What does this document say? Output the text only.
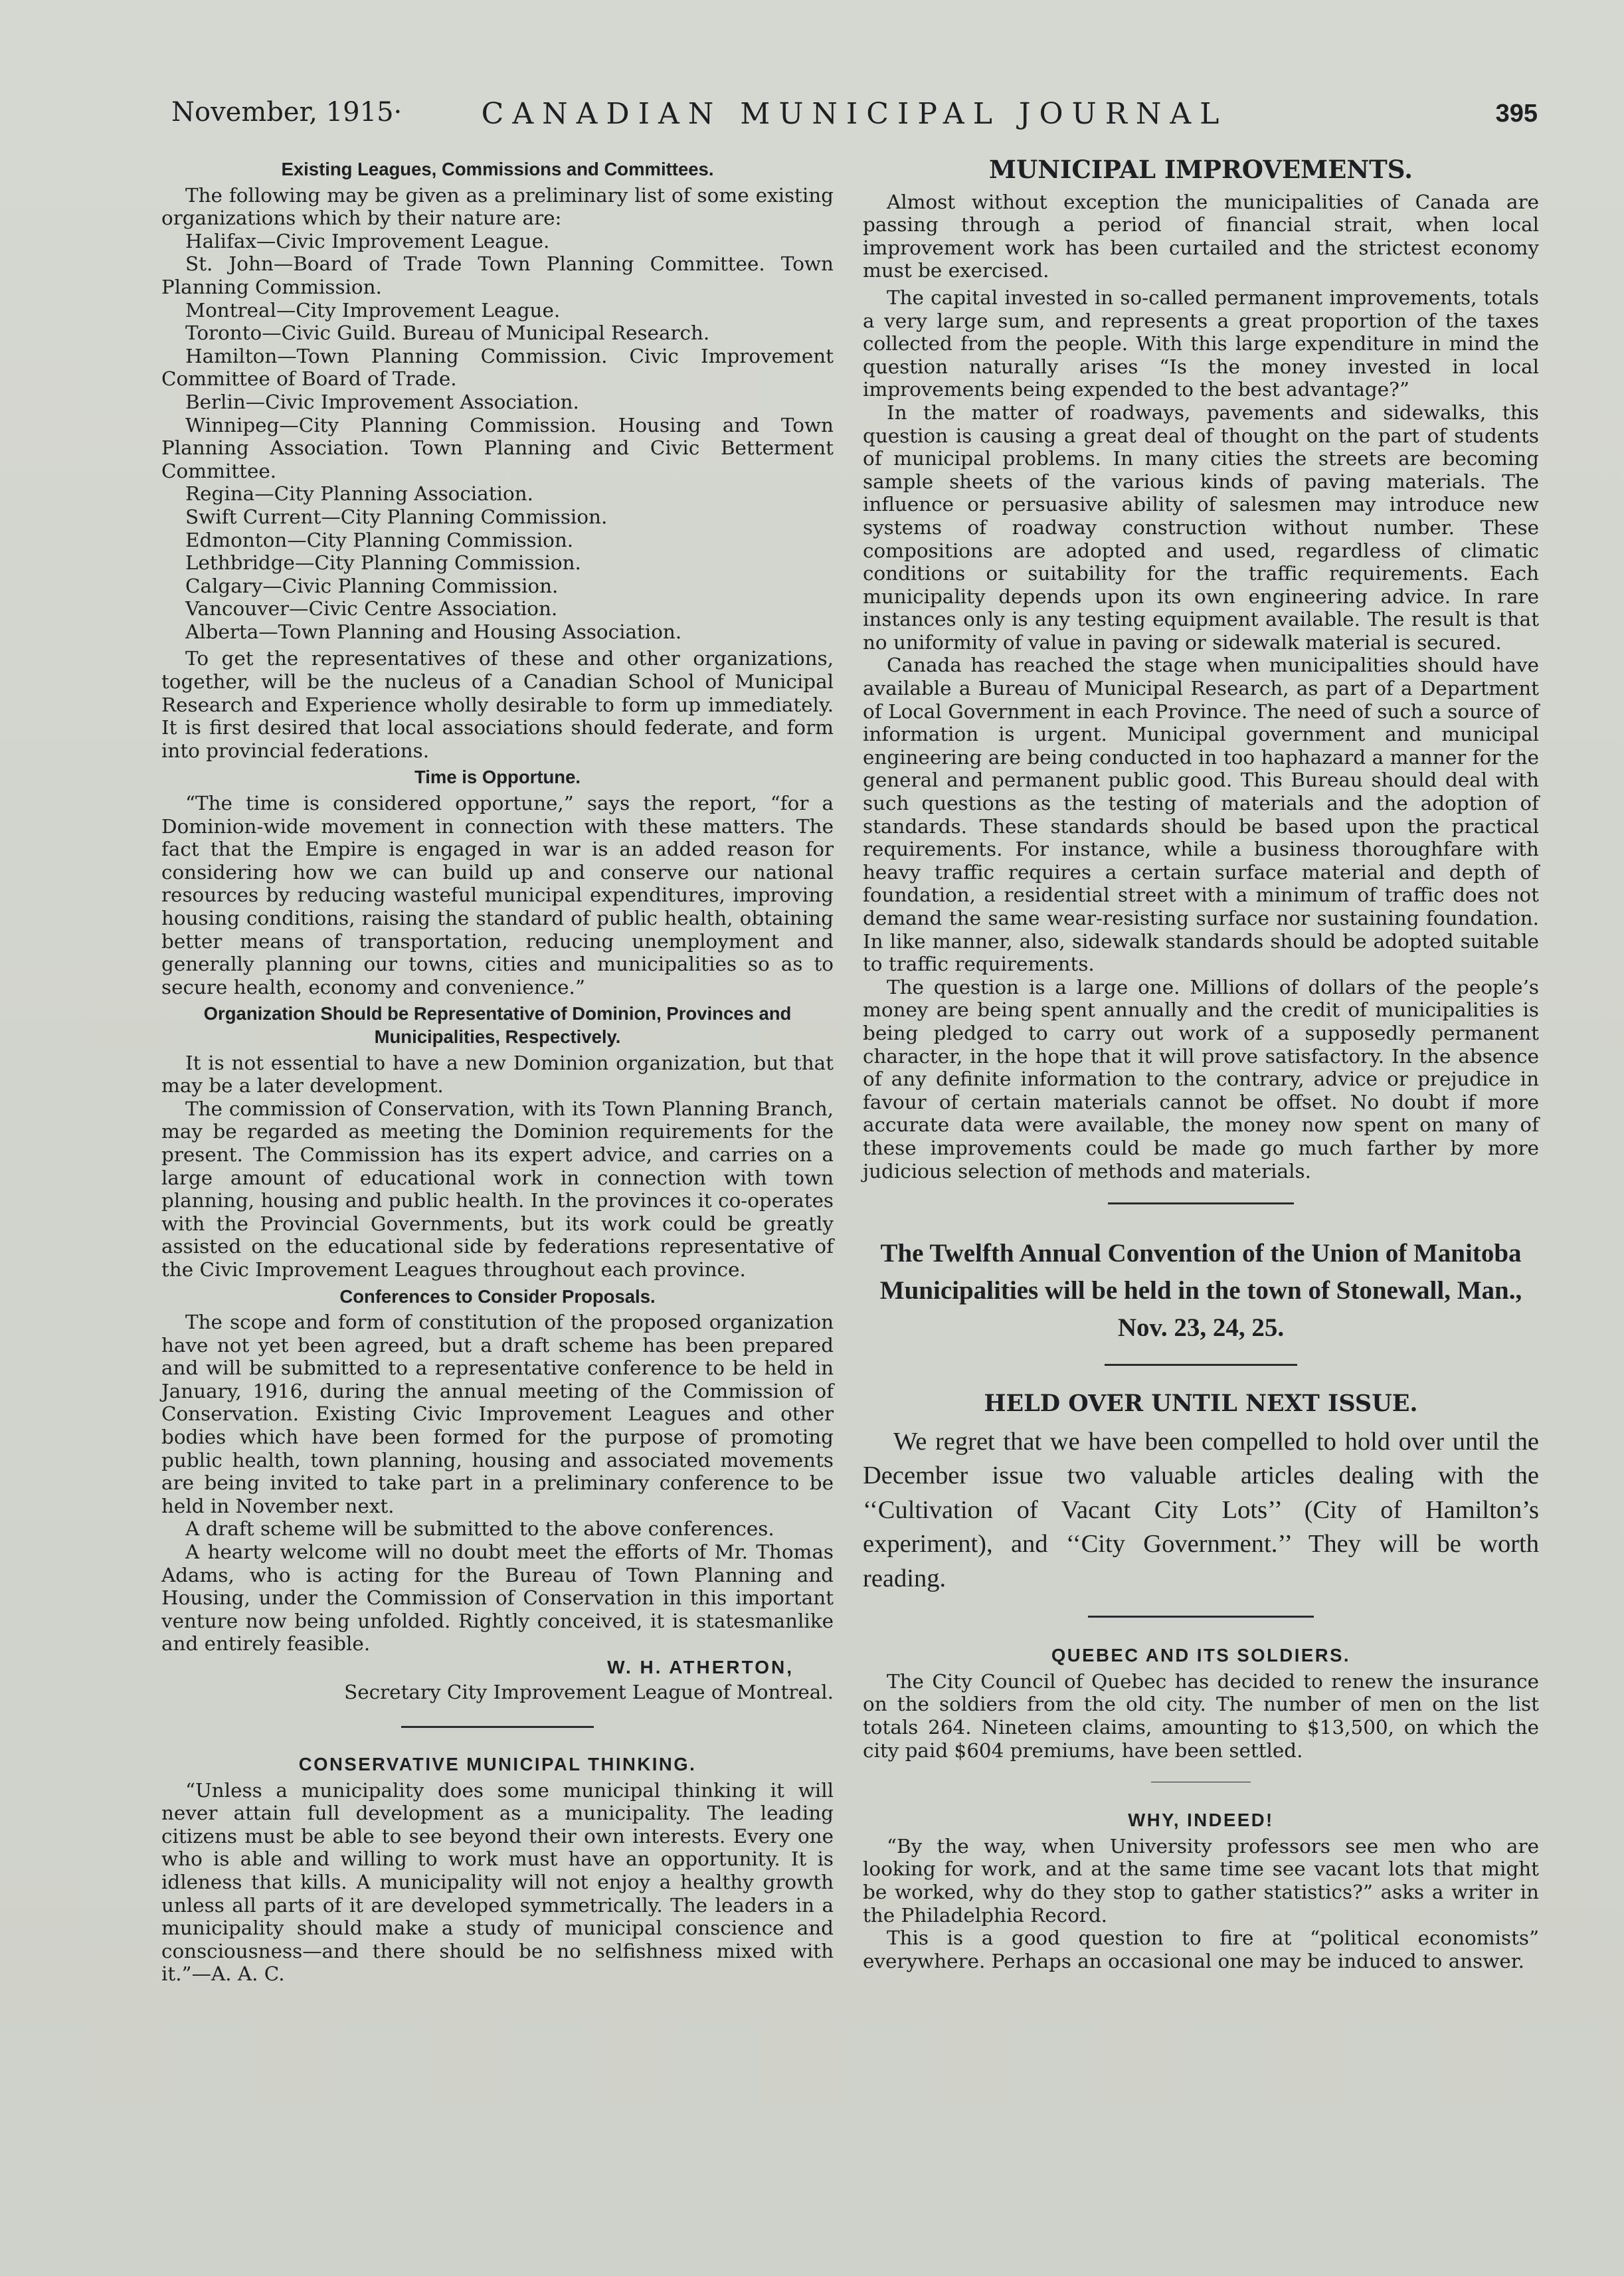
November, 1915·	CANADIAN MUNICIPAL JOURNAL	395
Existing Leagues, Commissions and Committees.

The following may be given as a preliminary list of some existing organizations which by their nature are:

Halifax—Civic Improvement League.

St. John—Board of Trade Town Planning Committee. Town Planning Commission.

Montreal—City Improvement League.

Toronto—Civic Guild. Bureau of Municipal Research.

Hamilton—Town Planning Commission. Civic Improvement Committee of Board of Trade.

Berlin—Civic Improvement Association.

Winnipeg—City Planning Commission. Housing and Town Planning Association. Town Planning and Civic Betterment Committee.

Regina—City Planning Association.

Swift Current—City Planning Commission.

Edmonton—City Planning Commission.

Lethbridge—City Planning Commission.

Calgary—Civic Planning Commission.

Vancouver—Civic Centre Association.

Alberta—Town Planning and Housing Association.

To get the representatives of these and other organizations, together, will be the nucleus of a Canadian School of Municipal Research and Experience wholly desirable to form up immediately. It is first desired that local associations should federate, and form into provincial federations.

Time is Opportune.

“The time is considered opportune,” says the report, “for a Dominion-wide movement in connection with these matters. The fact that the Empire is engaged in war is an added reason for considering how we can build up and conserve our national resources by reducing wasteful municipal expenditures, improving housing conditions, raising the standard of public health, obtaining better means of transportation, reducing unemployment and generally planning our towns, cities and municipalities so as to secure health, economy and convenience.”

Organization Should be Representative of Dominion, Provinces and Municipalities, Respectively.

It is not essential to have a new Dominion organization, but that may be a later development.

The commission of Conservation, with its Town Planning Branch, may be regarded as meeting the Dominion requirements for the present. The Commission has its expert advice, and carries on a large amount of educational work in connection with town planning, housing and public health. In the provinces it co-operates with the Provincial Governments, but its work could be greatly assisted on the educational side by federations representative of the Civic Improvement Leagues throughout each province.

Conferences to Consider Proposals.

The scope and form of constitution of the proposed organization have not yet been agreed, but a draft scheme has been prepared and will be submitted to a representative conference to be held in January, 1916, during the annual meeting of the Commission of Conservation. Existing Civic Improvement Leagues and other bodies which have been formed for the purpose of promoting public health, town planning, housing and associated movements are being invited to take part in a preliminary conference to be held in November next.

A draft scheme will be submitted to the above conferences.

A hearty welcome will no doubt meet the efforts of Mr. Thomas Adams, who is acting for the Bureau of Town Planning and Housing, under the Commission of Conservation in this important venture now being unfolded. Rightly conceived, it is statesmanlike and entirely feasible.

W. H. ATHERTON,
Secretary City Improvement League of Montreal.
CONSERVATIVE MUNICIPAL THINKING.

“Unless a municipality does some municipal thinking it will never attain full development as a municipality. The leading citizens must be able to see beyond their own interests. Every one who is able and willing to work must have an opportunity. It is idleness that kills. A municipality will not enjoy a healthy growth unless all parts of it are developed symmetrically. The leaders in a municipality should make a study of municipal conscience and consciousness—and there should be no selfishness mixed with it.”—A. A. C.

MUNICIPAL IMPROVEMENTS.

Almost without exception the municipalities of Canada are passing through a period of financial strait, when local improvement work has been curtailed and the strictest economy must be exercised.

The capital invested in so-called permanent improvements, totals a very large sum, and represents a great proportion of the taxes collected from the people. With this large expenditure in mind the question naturally arises “Is the money invested in local improvements being expended to the best advantage?”

In the matter of roadways, pavements and sidewalks, this question is causing a great deal of thought on the part of students of municipal problems. In many cities the streets are becoming sample sheets of the various kinds of paving materials. The influence or persuasive ability of salesmen may introduce new systems of roadway construction without number. These compositions are adopted and used, regardless of climatic conditions or suitability for the traffic requirements. Each municipality depends upon its own engineering advice. In rare instances only is any testing equipment available. The result is that no uniformity of value in paving or sidewalk material is secured.

Canada has reached the stage when municipalities should have available a Bureau of Municipal Research, as part of a Department of Local Government in each Province. The need of such a source of information is urgent. Municipal government and municipal engineering are being conducted in too haphazard a manner for the general and permanent public good. This Bureau should deal with such questions as the testing of materials and the adoption of standards. These standards should be based upon the practical requirements. For instance, while a business thoroughfare with heavy traffic requires a certain surface material and depth of foundation, a residential street with a minimum of traffic does not demand the same wear-resisting surface nor sustaining foundation. In like manner, also, sidewalk standards should be adopted suitable to traffic requirements.

The question is a large one. Millions of dollars of the people’s money are being spent annually and the credit of municipalities is being pledged to carry out work of a supposedly permanent character, in the hope that it will prove satisfactory. In the absence of any definite information to the contrary, advice or prejudice in favour of certain materials cannot be offset. No doubt if more accurate data were available, the money now spent on many of these improvements could be made go much farther by more judicious selection of methods and materials.

The Twelfth Annual Convention of the Union of Manitoba Municipalities will be held in the town of Stonewall, Man., Nov. 23, 24, 25.
HELD OVER UNTIL NEXT ISSUE.

We regret that we have been compelled to hold over until the December issue two valuable articles dealing with the ‘‘Cultivation of Vacant City Lots’’ (City of Hamilton’s experiment), and ‘‘City Government.’’ They will be worth reading.

QUEBEC AND ITS SOLDIERS.

The City Council of Quebec has decided to renew the insurance on the soldiers from the old city. The number of men on the list totals 264. Nineteen claims, amounting to $13,500, on which the city paid $604 premiums, have been settled.

WHY, INDEED!

“By the way, when University professors see men who are looking for work, and at the same time see vacant lots that might be worked, why do they stop to gather statistics?” asks a writer in the Philadelphia Record.

This is a good question to fire at “political economists” everywhere. Perhaps an occasional one may be induced to answer.
